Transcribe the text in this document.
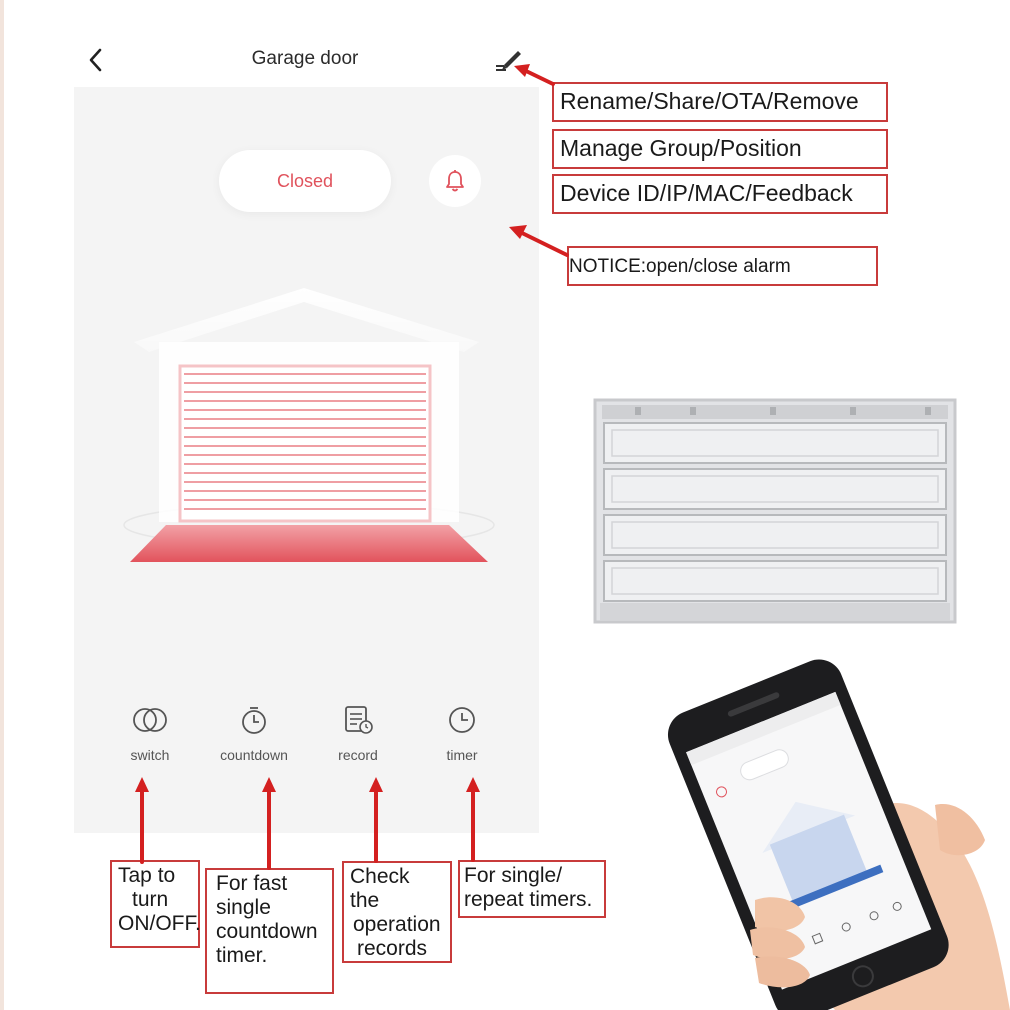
Garage door
Closed
switch	countdown	record	timer
Rename/Share/OTA/Remove
Manage Group/Position
Device ID/IP/MAC/Feedback
NOTICE:open/close alarm
Tap to
turn
ON/OFF.
For fast
single
countdown
timer.
Check the
operation
records
For single/
repeat timers.
